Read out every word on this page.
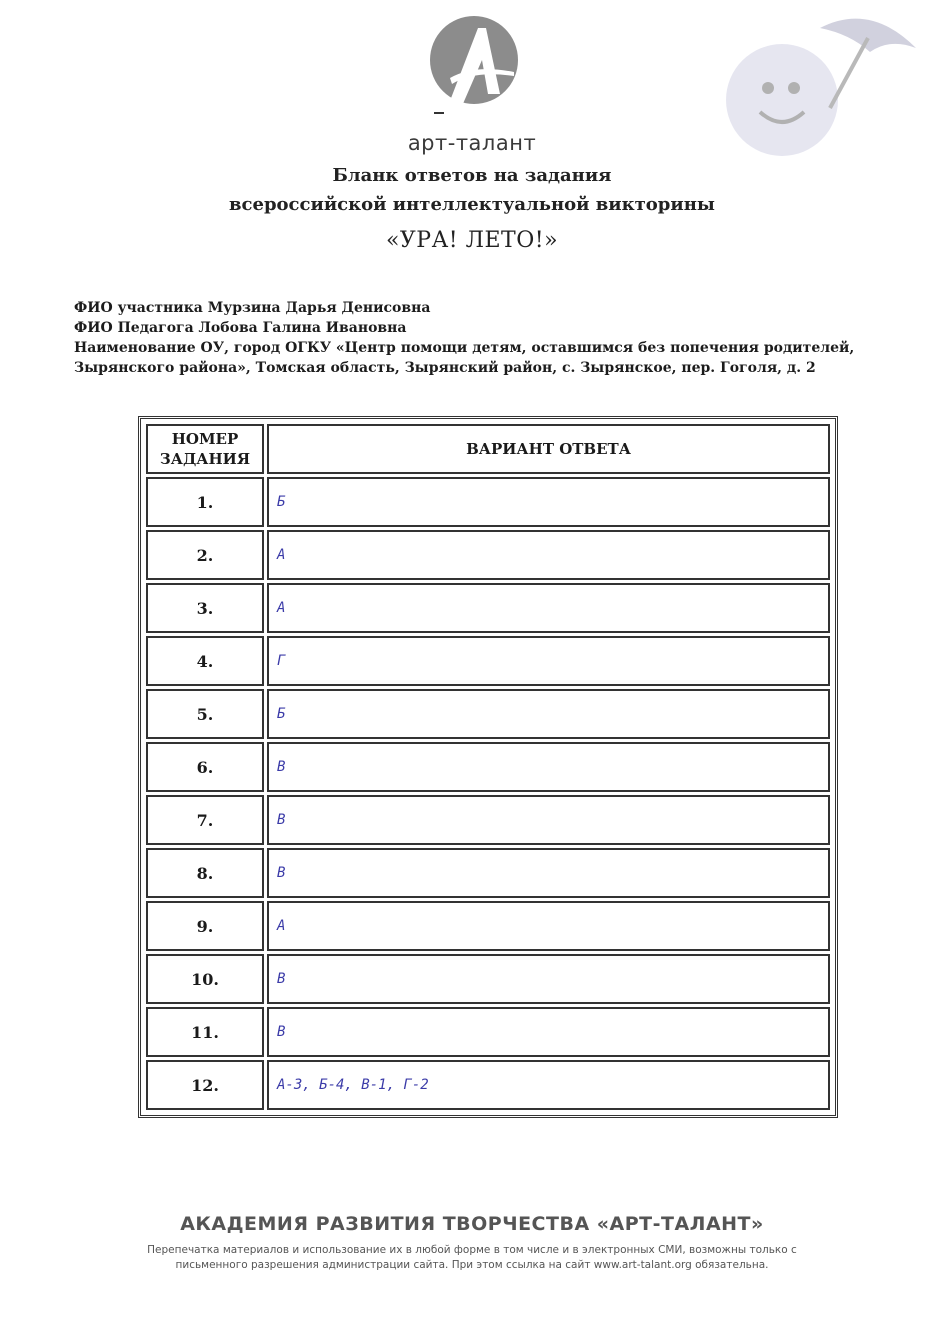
арт-талант
Бланк ответов на задания
всероссийской интеллектуальной викторины
«УРА! ЛЕТО!»
ФИО участника Мурзина Дарья Денисовна
ФИО Педагога Лобова Галина Ивановна
Наименование ОУ, город ОГКУ «Центр помощи детям, оставшимся без попечения родителей,
Зырянского района», Томская область, Зырянский район, с. Зырянское, пер. Гоголя, д. 2
НОМЕР
ЗАДАНИЯ	ВАРИАНТ ОТВЕТА
1.	Б
2.	А
3.	А
4.	Г
5.	Б
6.	В
7.	В
8.	В
9.	А
10.	В
11.	В
12.	А-3, Б-4, В-1, Г-2
АКАДЕМИЯ РАЗВИТИЯ ТВОРЧЕСТВА «АРТ-ТАЛАНТ»
Перепечатка материалов и использование их в любой форме в том числе и в электронных СМИ, возможны только с
письменного разрешения администрации сайта. При этом ссылка на сайт www.art-talant.org обязательна.
